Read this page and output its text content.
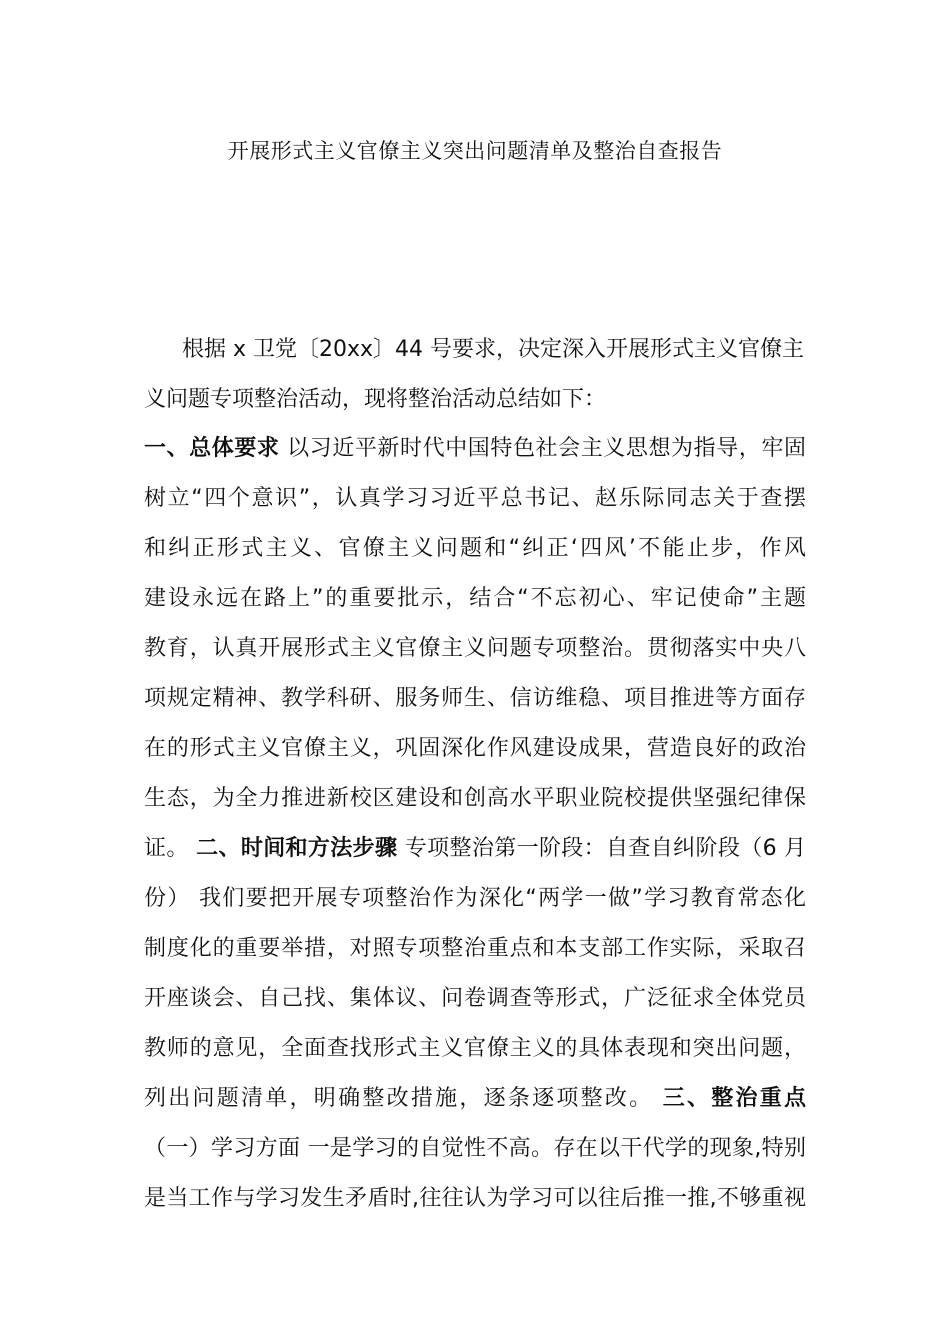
开展形式主义官僚主义突出问题清单及整治自查报告
根据 x 卫党〔20xx〕44 号要求，决定深入开展形式主义官僚主
义问题专项整治活动，现将整治活动总结如下：
一、总体要求 以习近平新时代中国特色社会主义思想为指导，牢固
树立“四个意识”，认真学习习近平总书记、赵乐际同志关于查摆
和纠正形式主义、官僚主义问题和“纠正‘四风’不能止步，作风
建设永远在路上”的重要批示，结合“不忘初心、牢记使命”主题
教育，认真开展形式主义官僚主义问题专项整治。贯彻落实中央八
项规定精神、教学科研、服务师生、信访维稳、项目推进等方面存
在的形式主义官僚主义，巩固深化作风建设成果，营造良好的政治
生态，为全力推进新校区建设和创高水平职业院校提供坚强纪律保
证。 二、时间和方法步骤 专项整治第一阶段：自查自纠阶段（6 月
份） 我们要把开展专项整治作为深化“两学一做”学习教育常态化
制度化的重要举措，对照专项整治重点和本支部工作实际，采取召
开座谈会、自己找、集体议、问卷调查等形式，广泛征求全体党员
教师的意见，全面查找形式主义官僚主义的具体表现和突出问题，
列出问题清单，明确整改措施，逐条逐项整改。 三、整治重点
（一）学习方面 一是学习的自觉性不高。存在以干代学的现象,特别
是当工作与学习发生矛盾时,往往认为学习可以往后推一推,不够重视
